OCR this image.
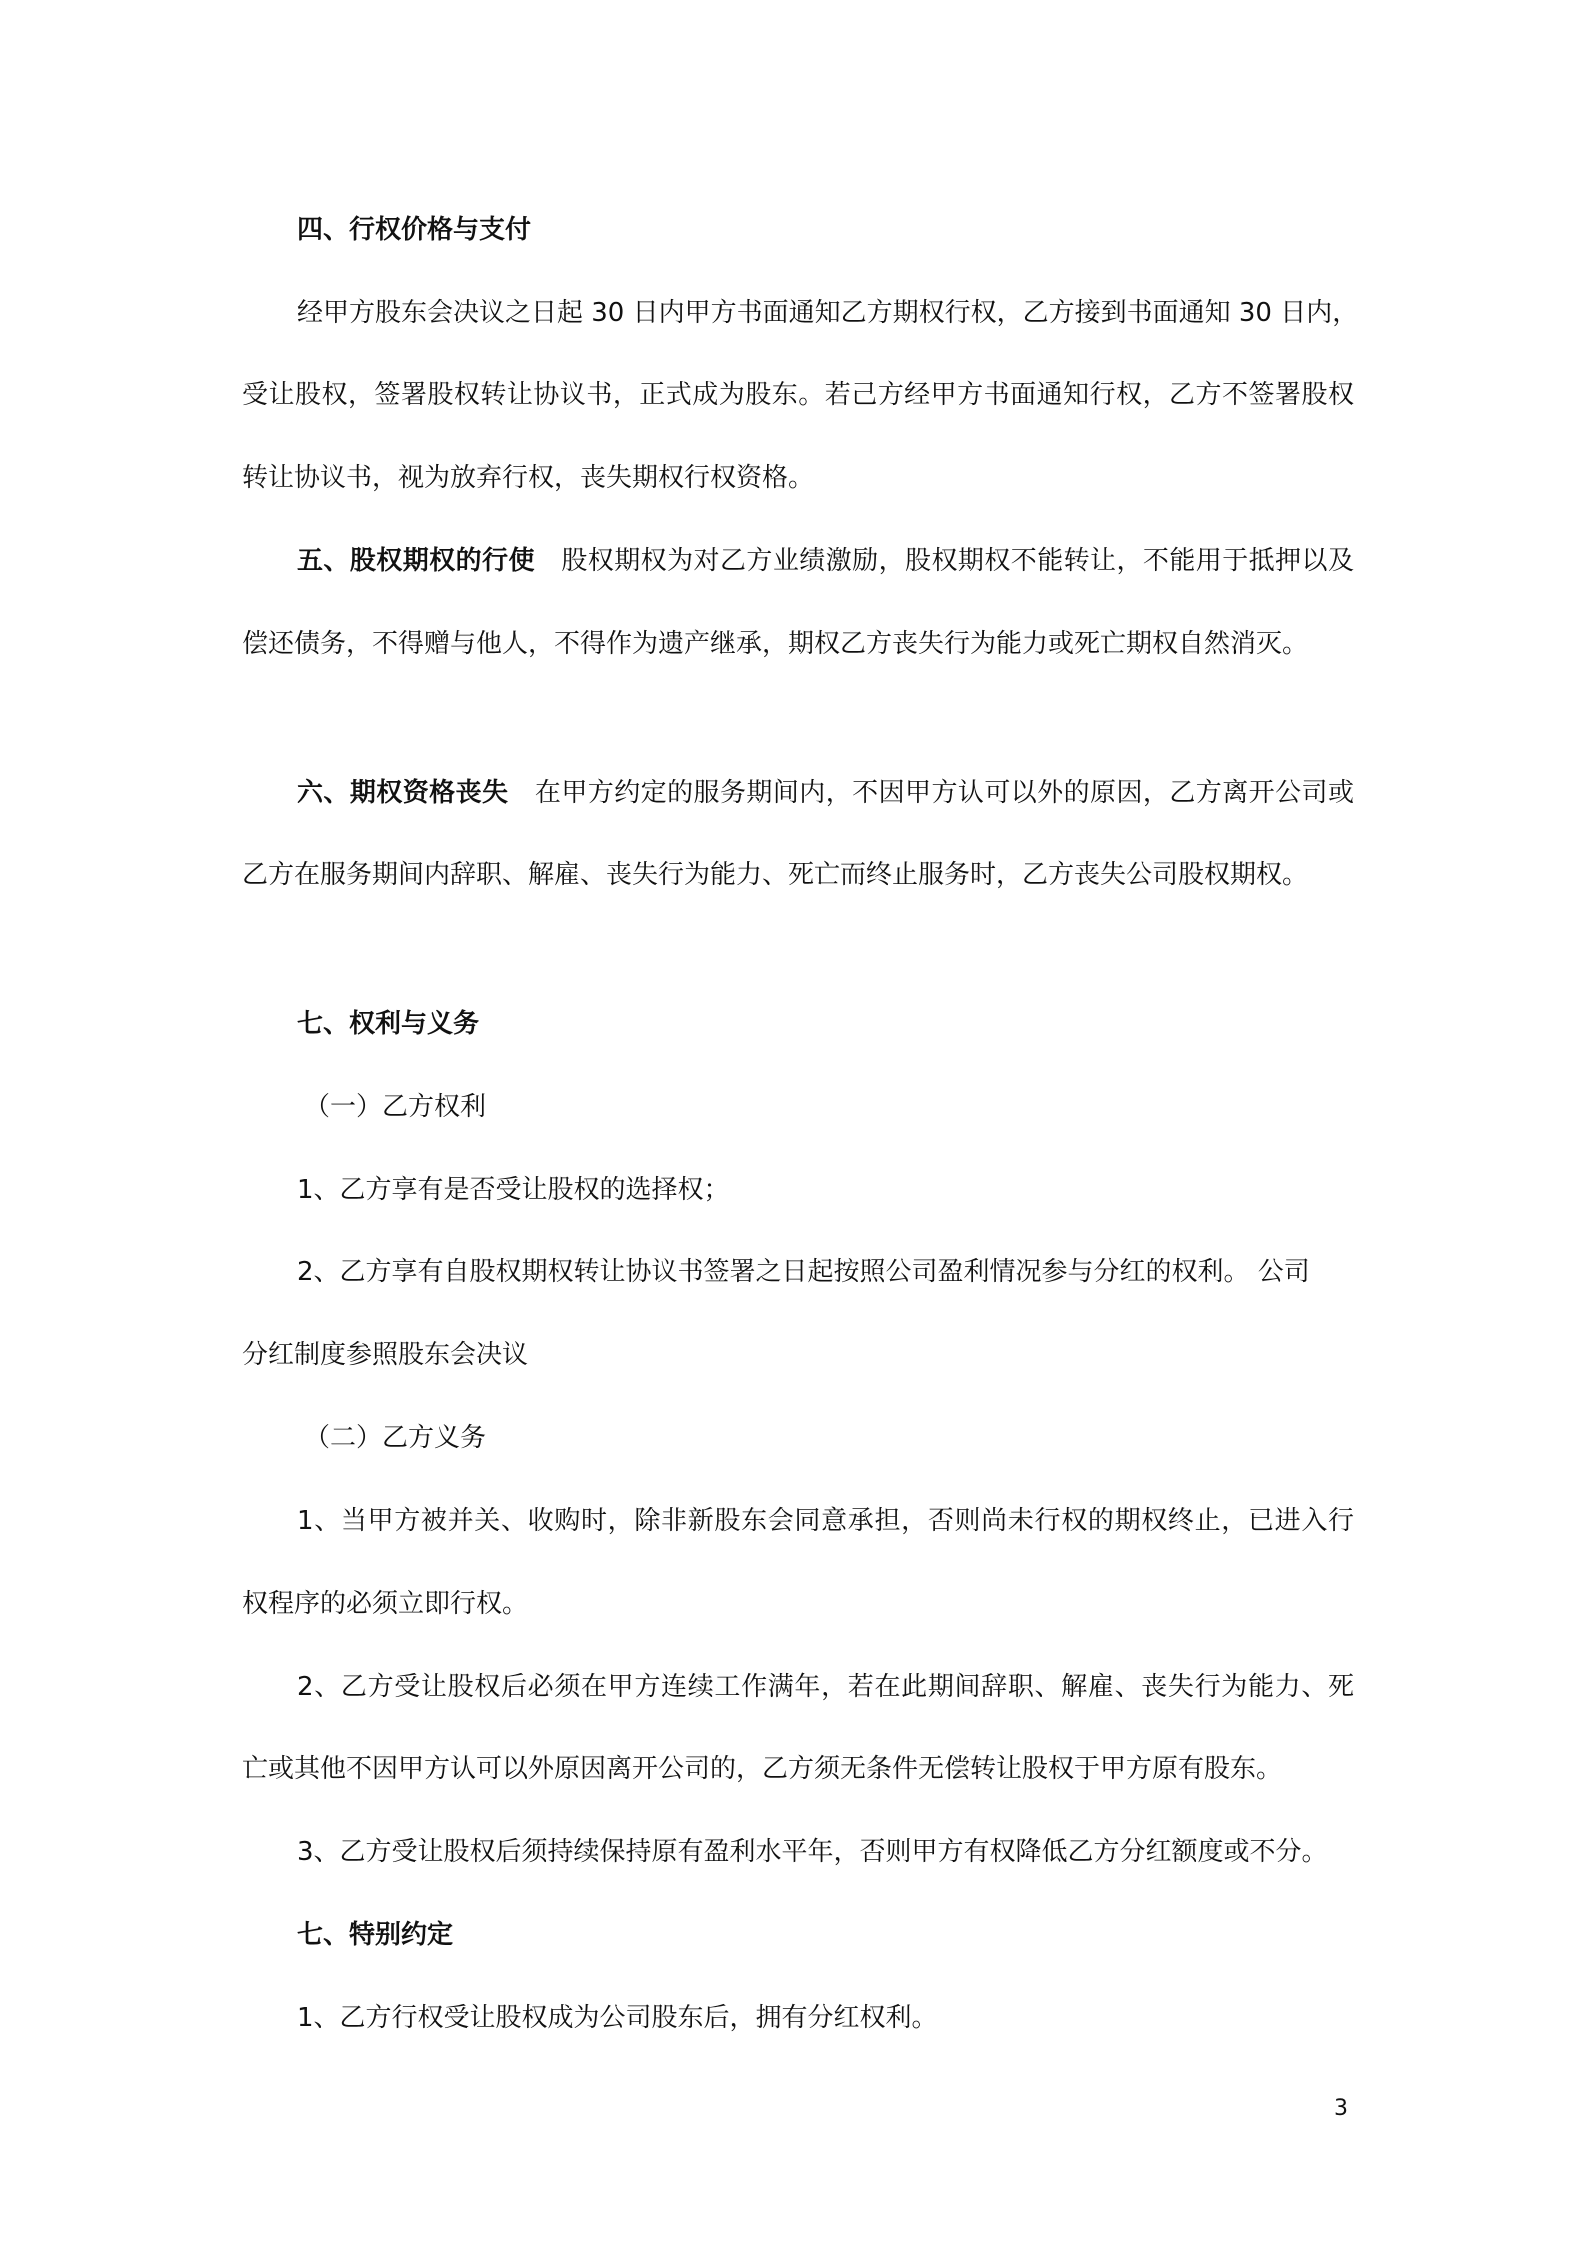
四、行权价格与支付
经甲方股东会决议之日起 30 日内甲方书面通知乙方期权行权，乙方接到书面通知 30 日内，
受让股权，签署股权转让协议书，正式成为股东。若己方经甲方书面通知行权，乙方不签署股权
转让协议书，视为放弃行权，丧失期权行权资格。
五、股权期权的行使 股权期权为对乙方业绩激励，股权期权不能转让，不能用于抵押以及
偿还债务，不得赠与他人，不得作为遗产继承，期权乙方丧失行为能力或死亡期权自然消灭。
六、期权资格丧失 在甲方约定的服务期间内，不因甲方认可以外的原因，乙方离开公司或
乙方在服务期间内辞职、解雇、丧失行为能力、死亡而终止服务时，乙方丧失公司股权期权。
七、权利与义务
（一）乙方权利
1、乙方享有是否受让股权的选择权；
2、乙方享有自股权期权转让协议书签署之日起按照公司盈利情况参与分红的权利。 公司
分红制度参照股东会决议
（二）乙方义务
1、当甲方被并关、收购时，除非新股东会同意承担，否则尚未行权的期权终止，已进入行
权程序的必须立即行权。
2、乙方受让股权后必须在甲方连续工作满年，若在此期间辞职、解雇、丧失行为能力、死
亡或其他不因甲方认可以外原因离开公司的，乙方须无条件无偿转让股权于甲方原有股东。
3、乙方受让股权后须持续保持原有盈利水平年，否则甲方有权降低乙方分红额度或不分。
七、特别约定
1、乙方行权受让股权成为公司股东后，拥有分红权利。
3
